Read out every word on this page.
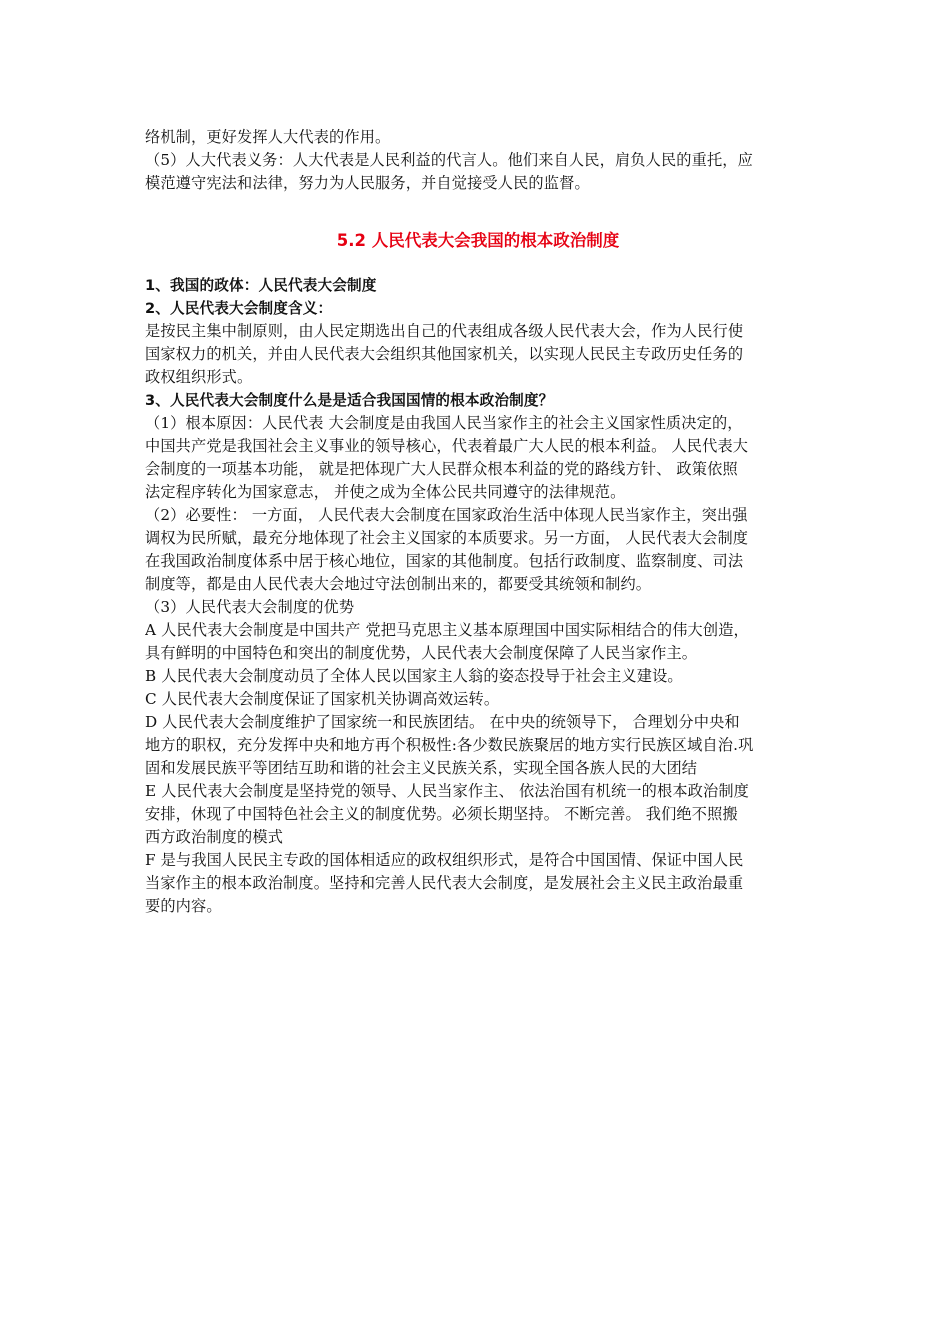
络机制，更好发挥人大代表的作用。
（5）人大代表义务：人大代表是人民利益的代言人。他们来自人民，肩负人民的重托，应
模范遵守宪法和法律，努力为人民服务，并自觉接受人民的监督。
5.2 人民代表大会我国的根本政治制度
1、我国的政体：人民代表大会制度
2、人民代表大会制度含义：
是按民主集中制原则，由人民定期选出自己的代表组成各级人民代表大会，作为人民行使
国家权力的机关，并由人民代表大会组织其他国家机关，以实现人民民主专政历史任务的
政权组织形式。
3、人民代表大会制度什么是是适合我国国情的根本政治制度？
（1）根本原因：人民代表 大会制度是由我国人民当家作主的社会主义国家性质决定的，
中国共产党是我国社会主义事业的领导核心，代表着最广大人民的根本利益。 人民代表大
会制度的一项基本功能， 就是把体现广大人民群众根本利益的党的路线方针、 政策依照
法定程序转化为国家意志， 并使之成为全体公民共同遵守的法律规范。
（2）必要性： 一方面， 人民代表大会制度在国家政治生活中体现人民当家作主，突出强
调权为民所赋，最充分地体现了社会主义国家的本质要求。另一方面， 人民代表大会制度
在我国政治制度体系中居于核心地位，国家的其他制度。包括行政制度、监察制度、司法
制度等，都是由人民代表大会地过守法创制出来的，都要受其统领和制约。
（3）人民代表大会制度的优势
A 人民代表大会制度是中国共产 党把马克思主义基本原理国中国实际相结合的伟大创造，
具有鲜明的中国特色和突出的制度优势，人民代表大会制度保障了人民当家作主。
B 人民代表大会制度动员了全体人民以国家主人翁的姿态投导于社会主义建设。
C 人民代表大会制度保证了国家机关协调高效运转。
D 人民代表大会制度维护了国家统一和民族团结。 在中央的统领导下， 合理划分中央和
地方的职权，充分发挥中央和地方再个积极性:各少数民族聚居的地方实行民族区域自治.巩
固和发展民族平等团结互助和谐的社会主义民族关系，实现全国各族人民的大团结
E 人民代表大会制度是坚持党的领导、人民当家作主、 依法治国有机统一的根本政治制度
安排，休现了中国特色社会主义的制度优势。必须长期坚持。 不断完善。 我们绝不照搬
西方政治制度的模式
F 是与我国人民民主专政的国体相适应的政权组织形式，是符合中国国情、保证中国人民
当家作主的根本政治制度。坚持和完善人民代表大会制度，是发展社会主义民主政治最重
要的内容。
